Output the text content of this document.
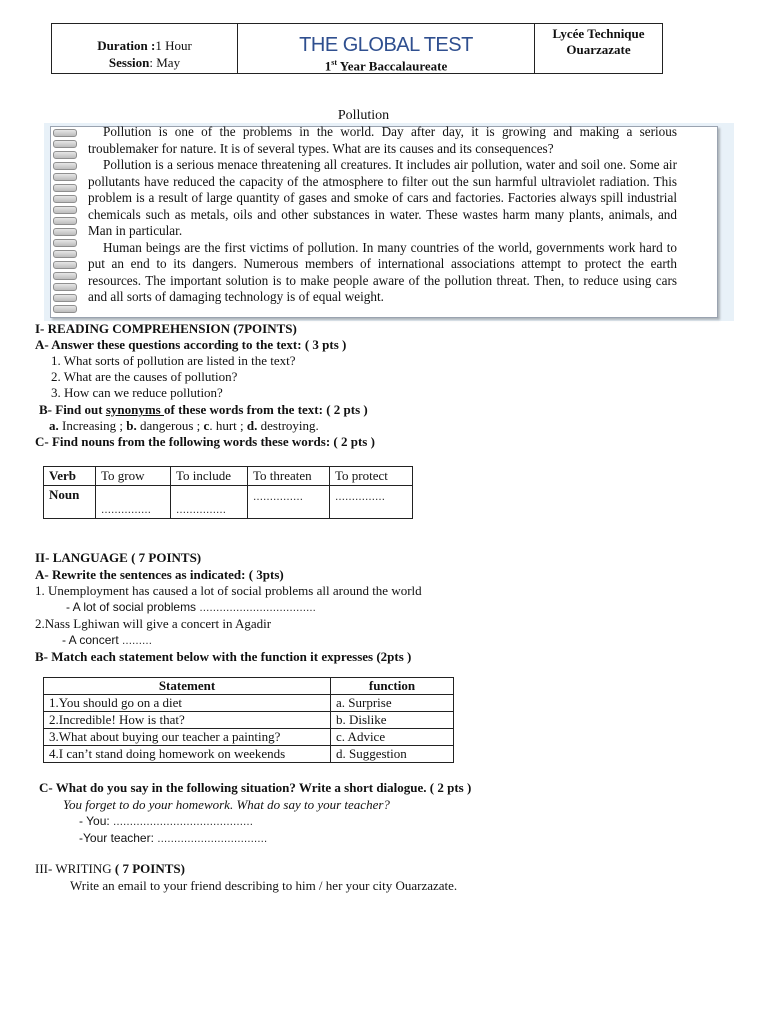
Duration :1 Hour
Session: May

THE GLOBAL TEST
1st Year Baccalaureate

Lycée Technique
Ouarzazate
Pollution

Pollution is one of the problems in the world. Day after day, it is growing and making a serious troublemaker for nature. It is of several types. What are its causes and its consequences?

Pollution is a serious menace threatening all creatures. It includes air pollution, water and soil one. Some air pollutants have reduced the capacity of the atmosphere to filter out the sun harmful ultraviolet radiation. This problem is a result of large quantity of gases and smoke of cars and factories. Factories always spill industrial chemicals such as metals, oils and other substances in water. These wastes harm many plants, animals, and Man in particular.

Human beings are the first victims of pollution. In many countries of the world, governments work hard to put an end to its dangers. Numerous members of international associations attempt to protect the earth resources. The important solution is to make people aware of the pollution threat. Then, to reduce using cars and all sorts of damaging technology is of equal weight.

I- READING COMPREHENSION (7POINTS)
A- Answer these questions according to the text: ( 3 pts )
1. What sorts of pollution are listed in the text?
2. What are the causes of pollution?
3. How can we reduce pollution?
B- Find out synonyms of these words from the text: ( 2 pts )
a. Increasing ; b. dangerous ; c. hurt ; d. destroying.
C- Find nouns from the following words these words: ( 2 pts )
Verb	To grow	To include	To threaten	To protect
Noun	……………	……………	……………	……………
II- LANGUAGE ( 7 POINTS)
A- Rewrite the sentences as indicated: ( 3pts)
1. Unemployment has caused a lot of social problems all around the world
- A lot of social problems ……………………………..
2.Nass Lghiwan will give a concert in Agadir
- A concert ………
B- Match each statement below with the function it expresses (2pts )
Statement	function
1.You should go on a diet	a. Surprise
2.Incredible! How is that?	b. Dislike
3.What about buying our teacher a painting?	c. Advice
4.I can’t stand doing homework on weekends	d. Suggestion
C- What do you say in the following situation? Write a short dialogue. ( 2 pts )
You forget to do your homework. What do say to your teacher?
- You: ……………………………………
-Your teacher: ……………………………
III- WRITING ( 7 POINTS)
Write an email to your friend describing to him / her your city Ouarzazate.
